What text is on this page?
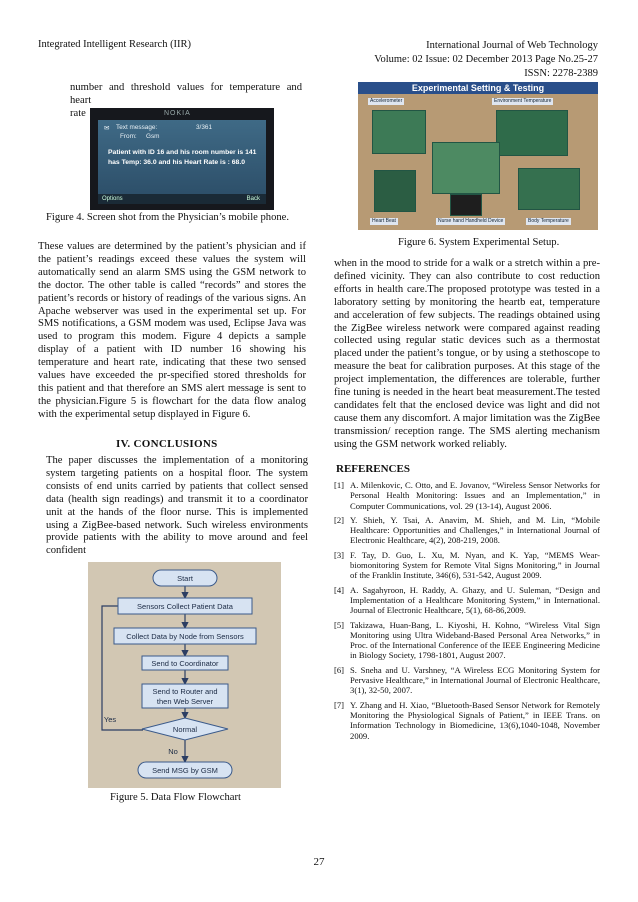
Integrated Intelligent Research (IIR)	International Journal of Web Technology
Volume: 02 Issue: 02 December 2013 Page No.25-27
ISSN: 2278-2389
number and threshold values for temperature and heart
rate	NOKIA
✉ Text message:	3/361
From: Gsm
Patient with ID 16 and his room number is 141 has Temp: 36.0 and his Heart Rate is : 68.0
Options	Back
Figure 4. Screen shot from the Physician’s mobile phone.
These values are determined by the patient’s physician and if the patient’s readings exceed these values the system will automatically send an alarm SMS using the GSM network to the doctor. The other table is called “records” and stores the patient’s records or history of readings of the various signs. An Apache webserver was used in the experimental set up. For SMS notifications, a GSM modem was used, Eclipse Java was used to program this modem. Figure 4 depicts a sample display of a patient with ID number 16 showing his temperature and heart rate, indicating that these two sensed values have exceeded the pr-specified stored thresholds for this patient and that therefore an SMS alert message is sent to the physician.Figure 5 is flowchart for the data flow analog with the experimental setup displayed in Figure 6.
IV. CONCLUSIONS
The paper discusses the implementation of a monitoring system targeting patients on a hospital floor. The system consists of end units carried by patients that collect sensed data (health sign readings) and transmit it to a coordinator unit at the hands of the floor nurse. This is implemented using a ZigBee-based network. Such wireless environments provide patients with the ability to move around and feel confident
Start
Sensors Collect Patient Data
Collect Data by Node from Sensors
Send to Coordinator
Send to Router and
then Web Server
Normal
Yes
No
Send MSG by GSM
Figure 5. Data Flow Flowchart
Experimental Setting & Testing
Accelerometer	Environment Temperature
Heart Beat	Nurse hand Handheld Device	Body Temperature
Figure 6. System Experimental Setup.
when in the mood to stride for a walk or a stretch within a pre-defined vicinity. They can also contribute to cost reduction efforts in health care.The proposed prototype was tested in a laboratory setting by monitoring the heartb eat, temperature and acceleration of few subjects. The readings obtained using the ZigBee wireless network were compared against reading collected using regular static devices such as a thermostat placed under the patient’s tongue, or by using a stethoscope to measure the beat for calibration purposes. At this stage of the project implementation, the differences are tolerable, further fine tuning is needed in the heart beat measurement.The tested candidates felt that the enclosed device was light and did not cause them any discomfort. A major limitation was the ZigBee transmission/ reception range. The SMS alerting mechanism using the GSM network worked reliably.
REFERENCES
[1] A. Milenkovic, C. Otto, and E. Jovanov, “Wireless Sensor Networks for Personal Health Monitoring: Issues and an Implementation,” in Computer Communications, vol. 29 (13-14), August 2006.
[2] Y. Shieh, Y. Tsai, A. Anavim, M. Shieh, and M. Lin, “Mobile Healthcare: Opportunities and Challenges,” in International Journal of Electronic Healthcare, 4(2), 208-219, 2008.
[3] F. Tay, D. Guo, L. Xu, M. Nyan, and K. Yap, “MEMS Wear-biomonitoring System for Remote Vital Signs Monitoring,” in Journal of the Franklin Institute, 346(6), 531-542, August 2009.
[4] A. Sagahyroon, H. Raddy, A. Ghazy, and U. Suleman, “Design and Implementation of a Healthcare Monitoring System,” in International. Journal of Electronic Healthcare, 5(1), 68-86,2009.
[5] Takizawa, Huan-Bang, L. Kiyoshi, H. Kohno, “Wireless Vital Sign Monitoring using Ultra Wideband-Based Personal Area Networks,” in Proc. of the International Conference of the IEEE Engineering Medicine in Biology Society, 1798-1801, August 2007.
[6] S. Sneha and U. Varshney, “A Wireless ECG Monitoring System for Pervasive Healthcare,” in International Journal of Electronic Healthcare, 3(1), 32-50, 2007.
[7] Y. Zhang and H. Xiao, “Bluetooth-Based Sensor Network for Remotely Monitoring the Physiological Signals of Patient,” in IEEE Trans. on Information Technology in Biomedicine, 13(6),1040-1048, November 2009.
27
